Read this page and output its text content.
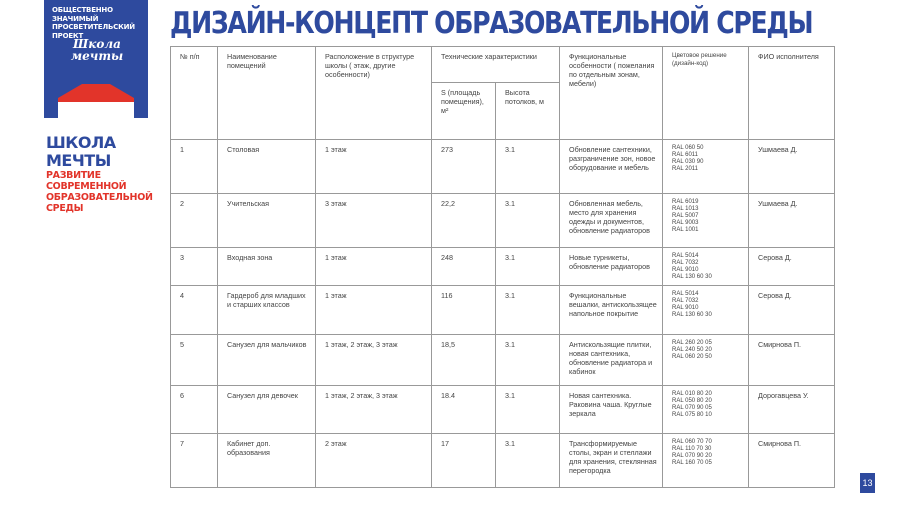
ОБЩЕСТВЕННО ЗНАЧИМЫЙ ПРОСВЕТИТЕЛЬСКИЙ ПРОЕКТ
Школа мечты
ШКОЛА МЕЧТЫ
РАЗВИТИЕ СОВРЕМЕННОЙ
ОБРАЗОВАТЕЛЬНОЙ СРЕДЫ
ДИЗАЙН-КОНЦЕПТ ОБРАЗОВАТЕЛЬНОЙ СРЕДЫ
№ п/п	Наименование помещений	Расположение в структуре школы ( этаж, другие особенности)	Технические характеристики		Функциональные особенности ( пожелания по отдельным зонам, мебели)	Цветовое решение (дизайн-код)	ФИО исполнителя
			S (площадь помещения), м²	Высота потолков, м			
1	Столовая	1 этаж	273	3.1	Обновление сантехники, разграничение зон, новое оборудование и мебель	RAL 060 50
RAL 6011
RAL 030 90
RAL 2011	Ушмаева Д.
2	Учительская	3 этаж	22,2	3.1	Обновленная мебель, место для хранения одежды и документов, обновление радиаторов	RAL 6019
RAL 1013
RAL 5007
RAL 9003
RAL 1001	Ушмаева Д.
3	Входная зона	1 этаж	248	3.1	Новые турникеты, обновление радиаторов	RAL 5014
RAL 7032
RAL 9010
RAL 130 60 30	Серова Д.
4	Гардероб для младших и старших классов	1 этаж	116	3.1	Функциональные вешалки, антискользящее напольное покрытие	RAL 5014
RAL 7032
RAL 9010
RAL 130 60 30	Серова Д.
5	Санузел для мальчиков	1 этаж, 2 этаж, 3 этаж	18,5	3.1	Антискользящие плитки, новая сантехника, обновление радиатора и кабинок	RAL 260 20 05
RAL 240 50 20
RAL 060 20 50	Смирнова П.
6	Санузел для девочек	1 этаж, 2 этаж, 3 этаж	18.4	3.1	Новая сантехника. Раковина чаша. Круглые зеркала	RAL 010 80 20
RAL 050 80 20
RAL 070 90 05
RAL 075 80 10	Дорогавцева У.
7	Кабинет доп. образования	2 этаж	17	3.1	Трансформируемые столы, экран и стеллажи для хранения, стеклянная перегородка	RAL 060 70 70
RAL 110 70 30
RAL 070 90 20
RAL 160 70 05	Смирнова П.
13
